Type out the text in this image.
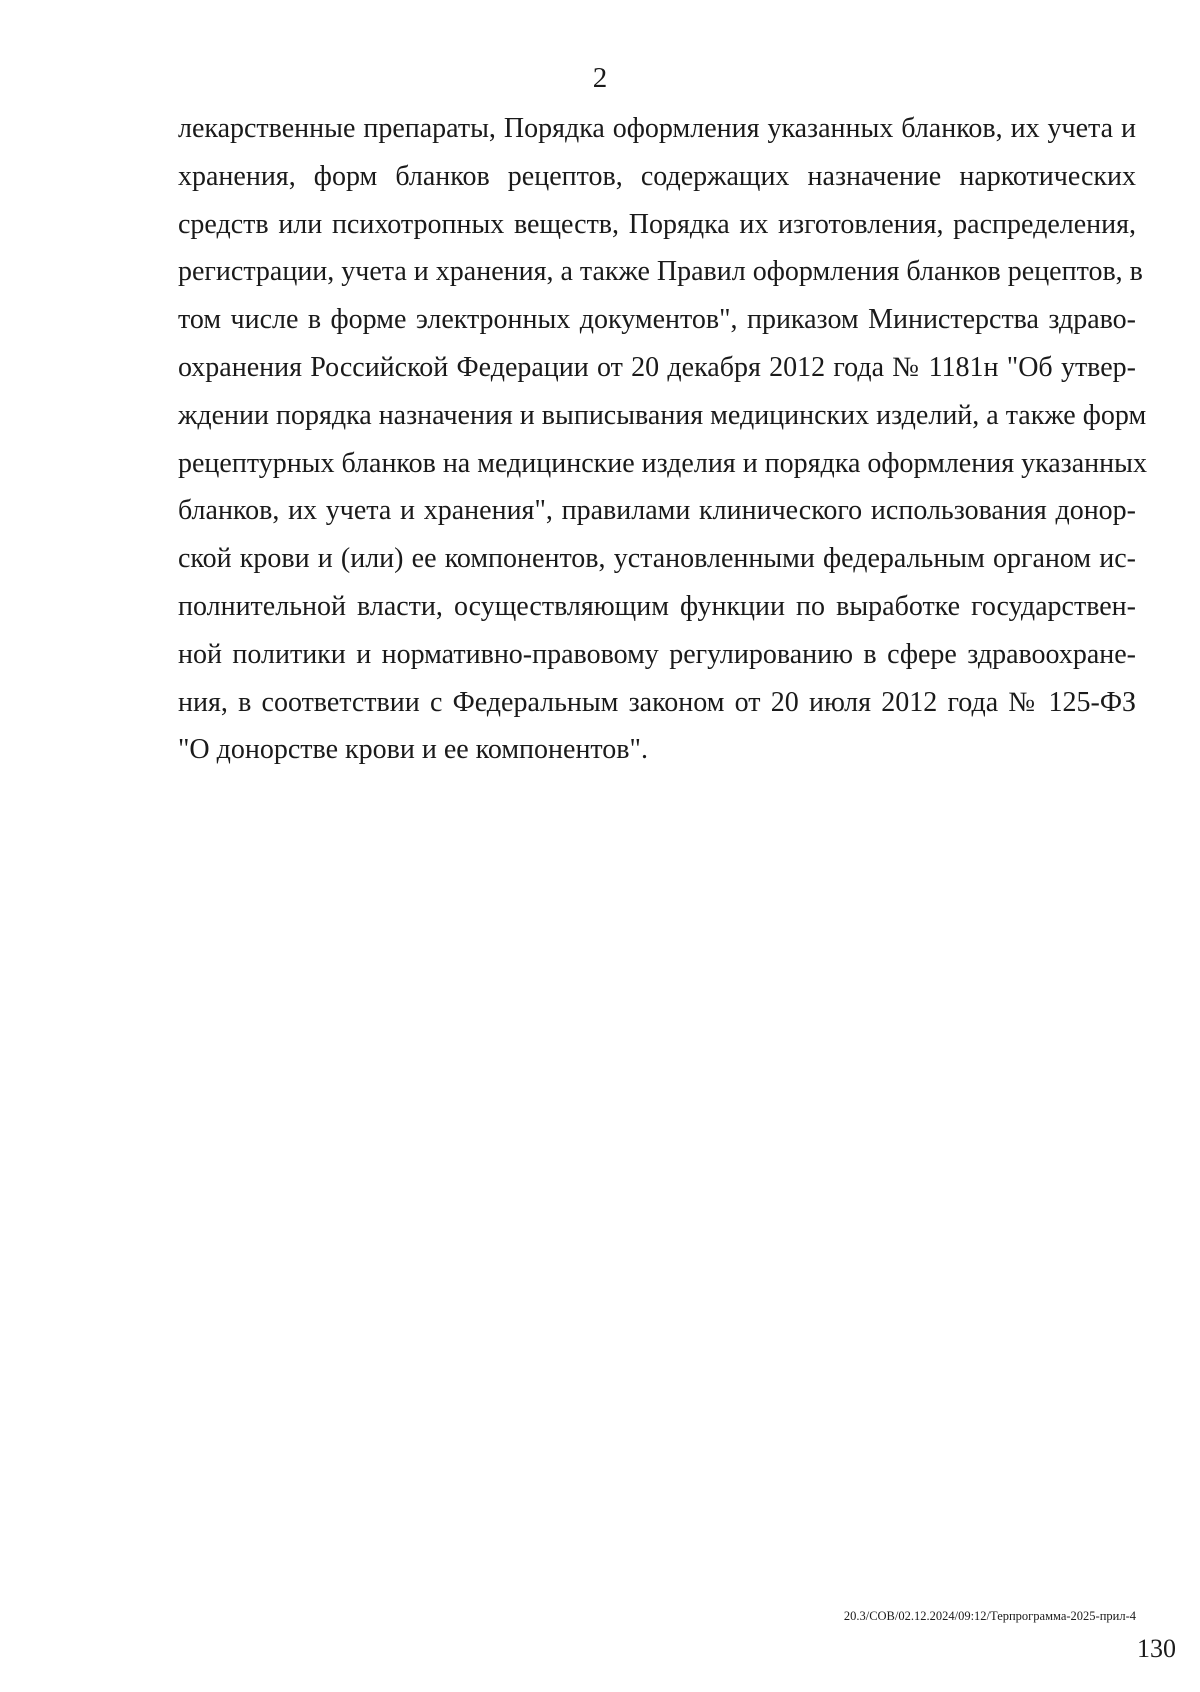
2
лекарственные препараты, Порядка оформления указанных бланков, их учета и
хранения, форм бланков рецептов, содержащих назначение наркотических
средств или психотропных веществ, Порядка их изготовления, распределения,
регистрации, учета и хранения, а также Правил оформления бланков рецептов, в
том числе в форме электронных документов", приказом Министерства здраво-
охранения Российской Федерации от 20 декабря 2012 года № 1181н "Об утвер-
ждении порядка назначения и выписывания медицинских изделий, а также форм
рецептурных бланков на медицинские изделия и порядка оформления указанных
бланков, их учета и хранения", правилами клинического использования донор-
ской крови и (или) ее компонентов, установленными федеральным органом ис-
полнительной власти, осуществляющим функции по выработке государствен-
ной политики и нормативно-правовому регулированию в сфере здравоохране-
ния, в соответствии с Федеральным законом от 20 июля 2012 года № 125-ФЗ
"О донорстве крови и ее компонентов".
20.3/СОВ/02.12.2024/09:12/Терпрограмма-2025-прил-4
130
